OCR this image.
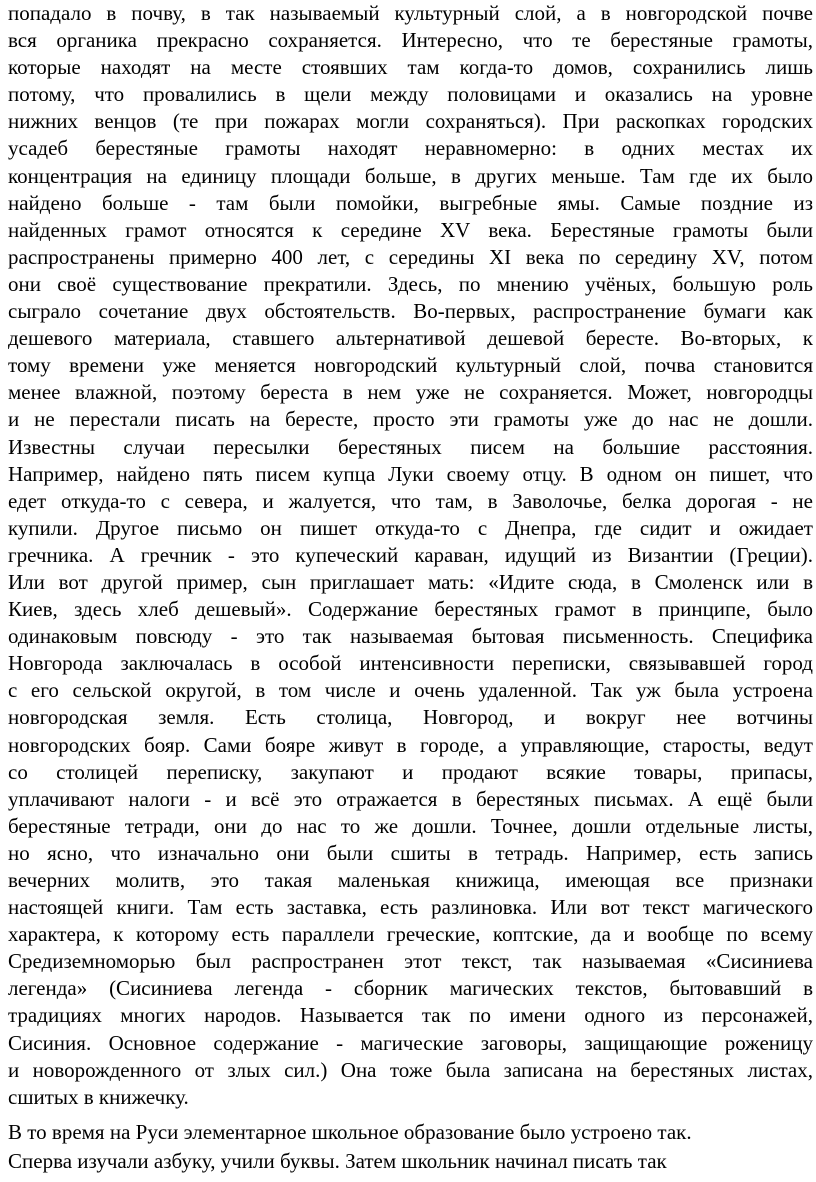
попадало в почву, в так называемый культурный слой, а в новгородской почве
вся органика прекрасно сохраняется. Интересно, что те берестяные грамоты,
которые находят на месте стоявших там когда-то домов, сохранились лишь
потому, что провалились в щели между половицами и оказались на уровне
нижних венцов (те при пожарах могли сохраняться). При раскопках городских
усадеб берестяные грамоты находят неравномерно: в одних местах их
концентрация на единицу площади больше, в других меньше. Там где их было
найдено больше - там были помойки, выгребные ямы. Самые поздние из
найденных грамот относятся к середине XV века. Берестяные грамоты были
распространены примерно 400 лет, с середины XI века по середину XV, потом
они своё существование прекратили. Здесь, по мнению учёных, большую роль
сыграло сочетание двух обстоятельств. Во-первых, распространение бумаги как
дешевого материала, ставшего альтернативой дешевой бересте. Во-вторых, к
тому времени уже меняется новгородский культурный слой, почва становится
менее влажной, поэтому береста в нем уже не сохраняется. Может, новгородцы
и не перестали писать на бересте, просто эти грамоты уже до нас не дошли.
Известны случаи пересылки берестяных писем на большие расстояния.
Например, найдено пять писем купца Луки своему отцу. В одном он пишет, что
едет откуда-то с севера, и жалуется, что там, в Заволочье, белка дорогая - не
купили. Другое письмо он пишет откуда-то с Днепра, где сидит и ожидает
гречника. А гречник - это купеческий караван, идущий из Византии (Греции).
Или вот другой пример, сын приглашает мать: «Идите сюда, в Смоленск или в
Киев, здесь хлеб дешевый». Содержание берестяных грамот в принципе, было
одинаковым повсюду - это так называемая бытовая письменность. Специфика
Новгорода заключалась в особой интенсивности переписки, связывавшей город
с его сельской округой, в том числе и очень удаленной. Так уж была устроена
новгородская земля. Есть столица, Новгород, и вокруг нее вотчины
новгородских бояр. Сами бояре живут в городе, а управляющие, старосты, ведут
со столицей переписку, закупают и продают всякие товары, припасы,
уплачивают налоги - и всё это отражается в берестяных письмах. А ещё были
берестяные тетради, они до нас то же дошли. Точнее, дошли отдельные листы,
но ясно, что изначально они были сшиты в тетрадь. Например, есть запись
вечерних молитв, это такая маленькая книжица, имеющая все признаки
настоящей книги. Там есть заставка, есть разлиновка. Или вот текст магического
характера, к которому есть параллели греческие, коптские, да и вообще по всему
Средиземноморью был распространен этот текст, так называемая «Сисиниева
легенда» (Сисиниева легенда - сборник магических текстов, бытовавший в
традициях многих народов. Называется так по имени одного из персонажей,
Сисиния. Основное содержание - магические заговоры, защищающие роженицу
и новорожденного от злых сил.) Она тоже была записана на берестяных листах,
сшитых в книжечку.
В то время на Руси элементарное школьное образование было устроено так.
Сперва изучали азбуку, учили буквы. Затем школьник начинал писать так
